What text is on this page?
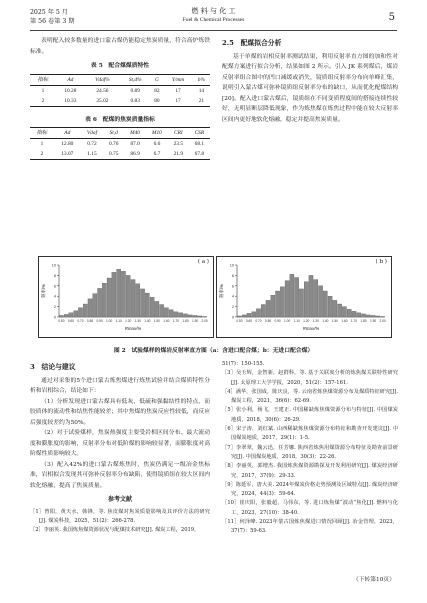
2025 年 5 月
第 56 卷第 3 期
燃 料 与 化 工
Fuel & Chemical Processes	5

表明配入较多数量的进口蒙古煤仍能稳定焦炭质量，符合高炉炼铁标准。

表 5　配合煤煤质特性
指标	Ad	Vdaf%	St,d%	G	Y/mm	b%
1	10.28	24.56	0.89	82	17	14
2	10.33	25.02	0.83	80	17	21
表 6　配煤的焦炭质量指标
指标	Ad	Vdaf	St,d	M40	M10	CRI	CSR
1	12.80	0.72	0.76	87.0	6.6	23.5	68.1
2	13.07	1.15	0.75	86.9	6.7	21.9	67.8
2.5　配煤拟合分析

基于单煤的岩相反射率测试结果，利用反射率直方图的加和性对配煤方案进行拟合分析，结果如图 2 所示。引入 JK 系列煤后，煤岩反射率组合图中的凹口减缓或消失，镜质组反射率分布向单峰汇集，说明引入蒙古煤可弥补镜质组反射率分布的缺口，从而优化配煤结构[20]。配入进口蒙古煤后，镜质组在不同变质程度间的搭接连续性较好，无明显断层降低现象，作为炼焦煤在炼焦过程中能在较大反射率区间内更好地软化熔融，稳定并提高焦炭质量。

0
2
4
6
8
10
0.50 0.60 0.70 0.80 0.90 1.00 1.10 1.20 1.30 1.40 1.50 1.60 1.70 1.80 1.90 2.00
Rmax/%
频率/%
( a )
0
2
4
6
8
10
0.50 0.60 0.70 0.80 0.90 1.00 1.10 1.20 1.30 1.40 1.50 1.60 1.70 1.80 1.90 2.00
Rmax/%
频率/%
( b )
图 2　试验煤样的煤岩反射率直方图（a：含进口配合煤；b：无进口配合煤）
3　结论与建议

通过对采集的5个进口蒙古炼焦煤进行炼焦试验并结合煤质特性分析和岩相综合，结论如下：

（1）分析发现进口蒙古煤具有低灰、低硫和强黏结性的特点，而胶质体的流动性和结焦性能较差；其中焦煤的焦炭反应性较低，而反应后强度较差约为50%。

（2）对于试验煤样，焦炭热强度主要受岩相区间分布、最大流动度和膨胀度的影响，反射率分布对低阶煤的影响较显著，而膨胀度对高阶煤性质影响较大。

（3）配入42%的进口蒙古煤炼焦时，焦炭仍满足一级冶金焦标准，岩相拟合发现其可弥补反射率分布缺陷，使得镜质组在较大区间内软化熔融，提高了焦炭质量。

参考文献

［1］曾阳，黄天水，韩锋，等. 焦皮煤对焦炭质量影响及其评价方法的研究[J]. 煤炭科技，2025，51(2)：266-278.

［2］李丽英. 我国炼焦煤资源状况与配煤技术研究[J]. 煤炭工程，2019，

51(7)：150-155.

［3］吴玉辉，金智新，赵群科，等. 基于关联度分析的炼焦煤关联特性研究[J]. 太原理工大学学报，2020，51(2)：157-161.

［4］满华，张国成，陈庆良，等. 云南省炼焦煤资源分布及煤质特征研究[J]. 煤炭工程，2021，36(6)：62-69.

［5］张小利，杨飞，王建正. 中国稀缺炼焦煤资源分布与特征[J]. 中国煤炭地质，2018，30(6)：26-29.

［6］宋子涛，刘红斌. 山西稀缺炼焦煤资源分布特征和勘查开发建议[J]. 中国煤炭地质，2017，29(1)：1-5.

［7］李翠翠，魏云迅，任芳娜. 陕西省炼焦用煤资源分布特征及勘查前景研究[J]. 中国煤炭地质，2018，30(3)：22-26.

［8］李丽英，郭增杰. 我国炼焦煤资源勘探及开发利用研究[J]. 煤炭经济研究，2017，37(9)：29-33.

［9］陈延军，唐大美. 2024年煤炭价格走势预测及区域特点[J]. 煤炭经济研究，2024，44(3)：59-64.

［10］崔庆阳，张毅超，马伟东，等. 进口炼焦煤“波动”焦化[J]. 燃料与化工，2023，27(10)：38-40.

［11］何泽峰. 2023年蒙古国炼焦煤进口情况回顾[J]. 冶金管理，2023，37(7)：59-63.

（下转第10页）
